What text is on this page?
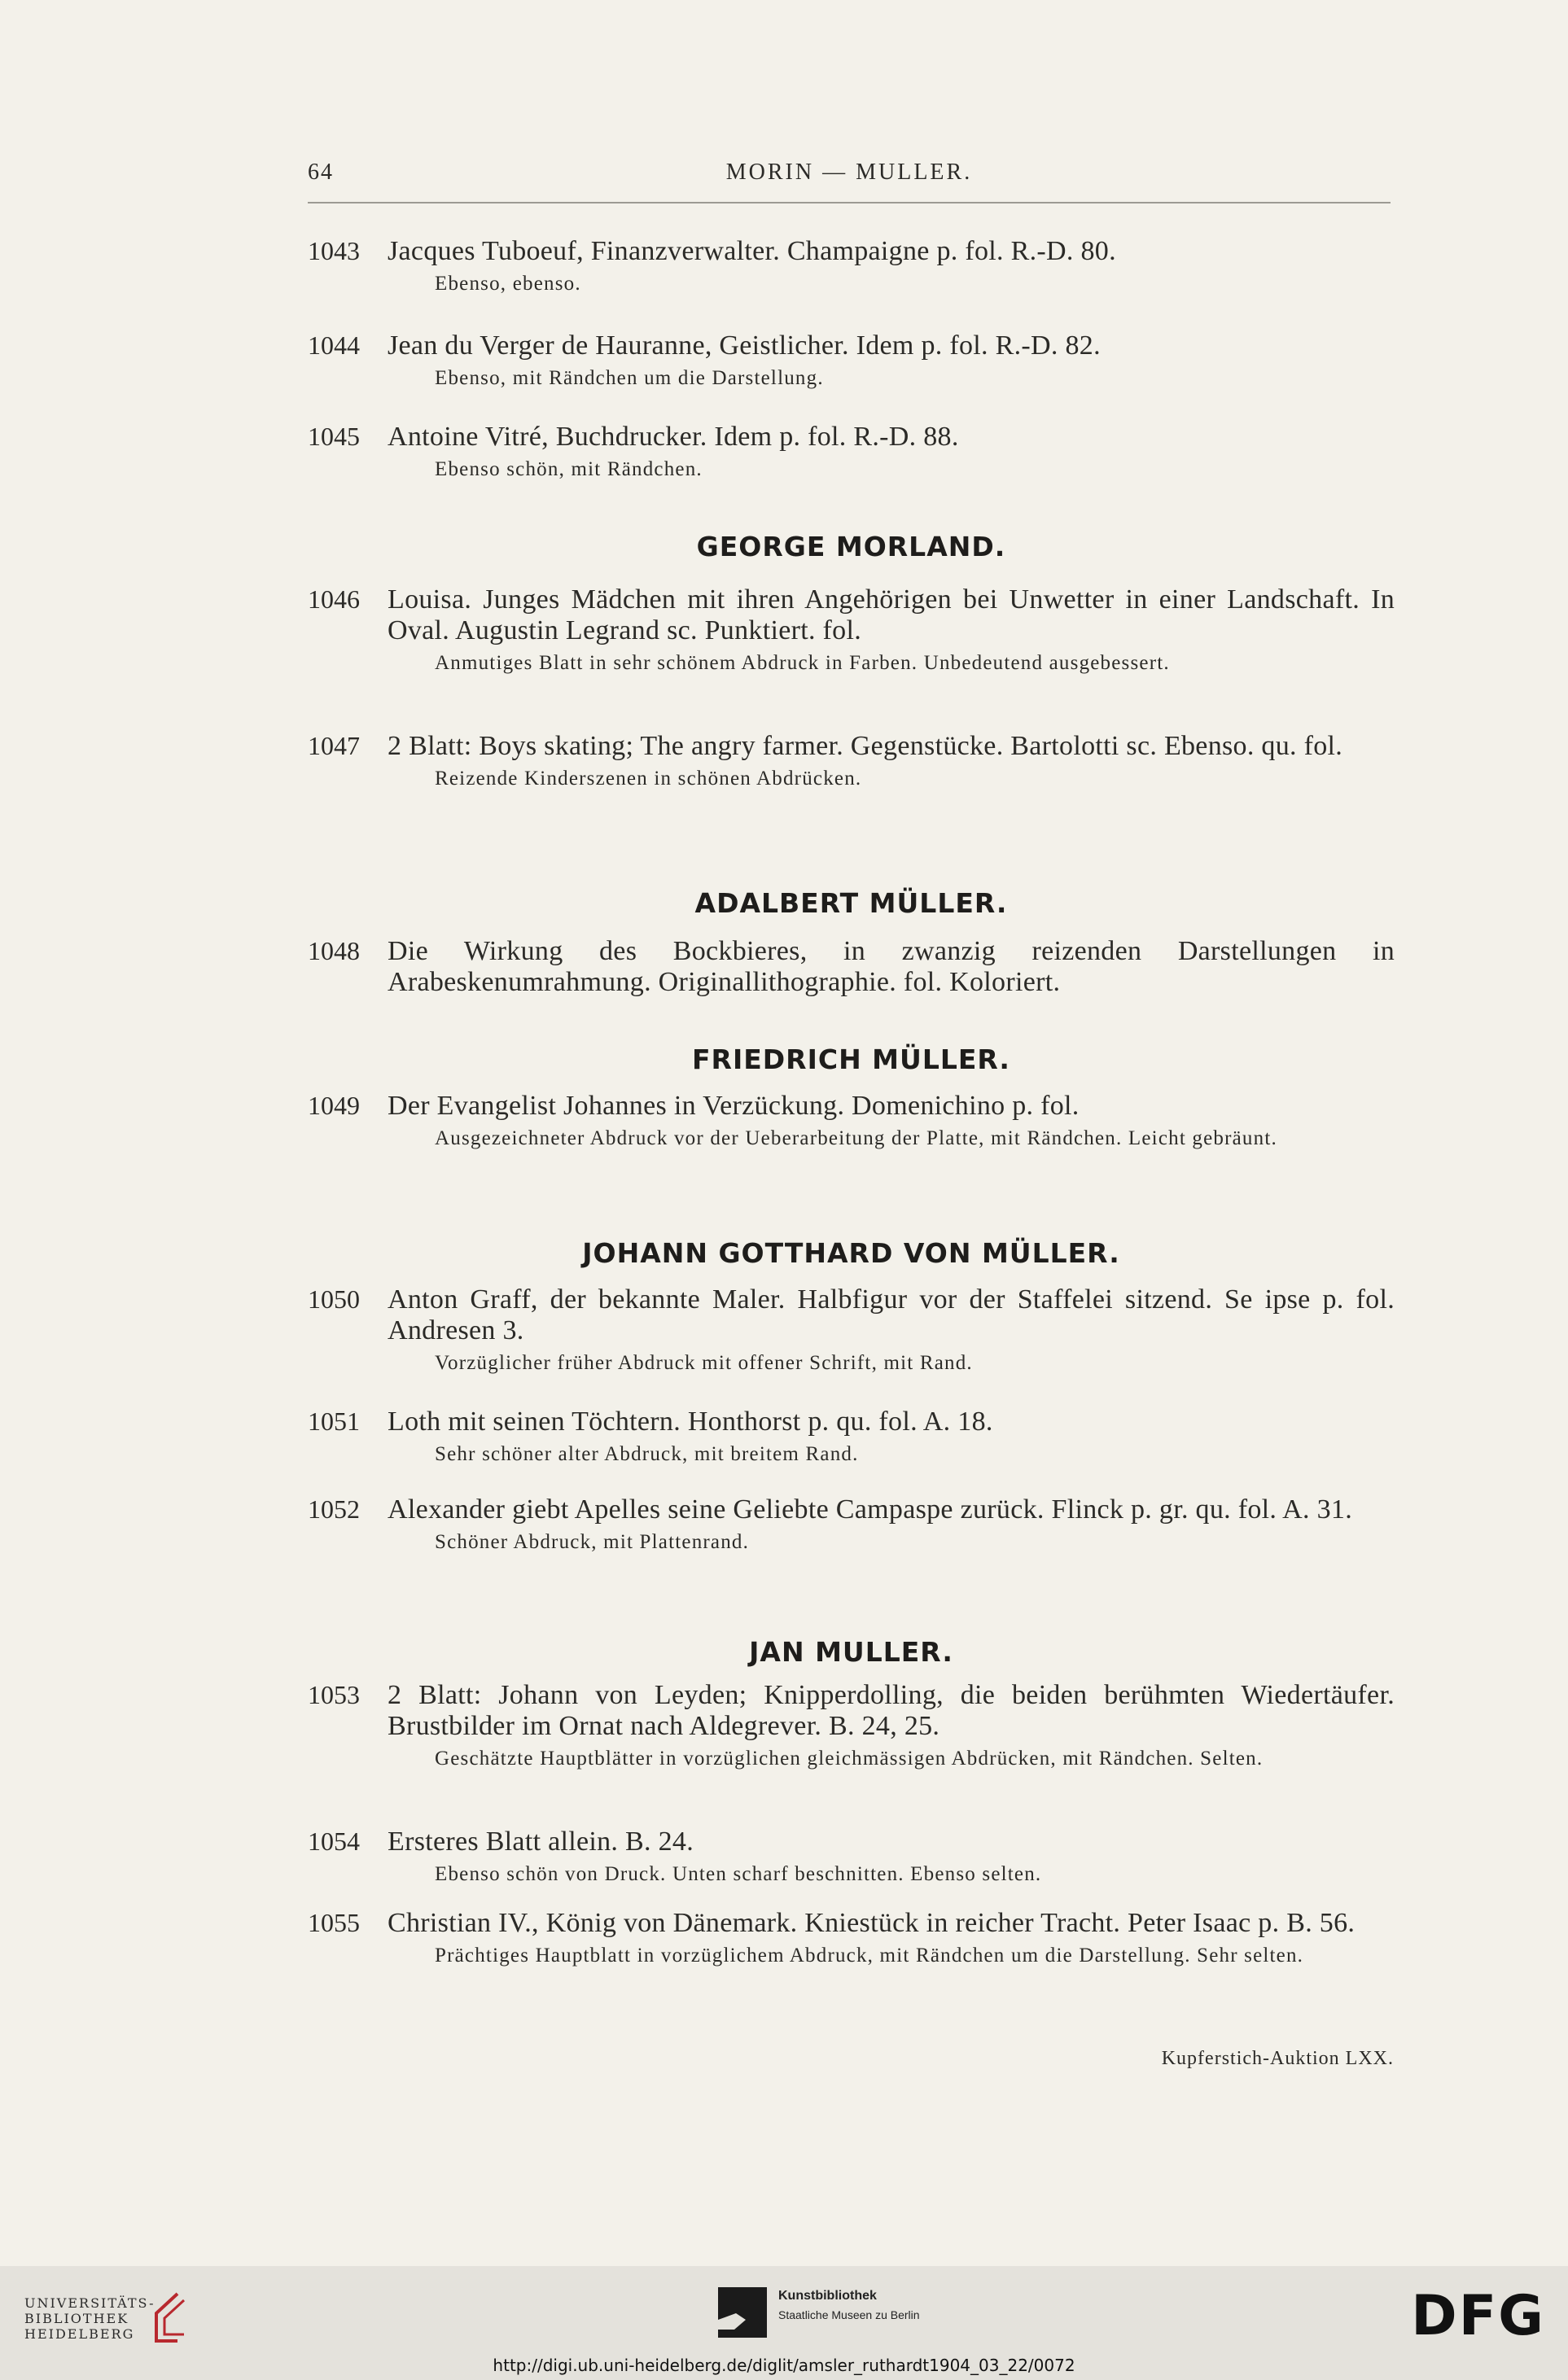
64	MORIN — MULLER.
1043 Jacques Tuboeuf, Finanzverwalter. Champaigne p. fol. R.-D. 80.
Ebenso, ebenso.
1044 Jean du Verger de Hauranne, Geistlicher. Idem p. fol. R.-D. 82.
Ebenso, mit Rändchen um die Darstellung.
1045 Antoine Vitré, Buchdrucker. Idem p. fol. R.-D. 88.
Ebenso schön, mit Rändchen.
GEORGE MORLAND.
1046 Louisa. Junges Mädchen mit ihren Angehörigen bei Unwetter in einer Landschaft. In Oval. Augustin Legrand sc. Punktiert. fol.
Anmutiges Blatt in sehr schönem Abdruck in Farben. Unbedeutend ausgebessert.
1047 2 Blatt: Boys skating; The angry farmer. Gegenstücke. Bartolotti sc. Ebenso. qu. fol.
Reizende Kinderszenen in schönen Abdrücken.
ADALBERT MÜLLER.
1048 Die Wirkung des Bockbieres, in zwanzig reizenden Darstellungen in Arabeskenumrahmung. Originallithographie. fol. Koloriert.
FRIEDRICH MÜLLER.
1049 Der Evangelist Johannes in Verzückung. Domenichino p. fol.
Ausgezeichneter Abdruck vor der Ueberarbeitung der Platte, mit Rändchen. Leicht gebräunt.
JOHANN GOTTHARD VON MÜLLER.
1050 Anton Graff, der bekannte Maler. Halbfigur vor der Staffelei sitzend. Se ipse p. fol. Andresen 3.
Vorzüglicher früher Abdruck mit offener Schrift, mit Rand.
1051 Loth mit seinen Töchtern. Honthorst p. qu. fol. A. 18.
Sehr schöner alter Abdruck, mit breitem Rand.
1052 Alexander giebt Apelles seine Geliebte Campaspe zurück. Flinck p. gr. qu. fol. A. 31.
Schöner Abdruck, mit Plattenrand.
JAN MULLER.
1053 2 Blatt: Johann von Leyden; Knipperdolling, die beiden berühmten Wiedertäufer. Brustbilder im Ornat nach Aldegrever. B. 24, 25.
Geschätzte Hauptblätter in vorzüglichen gleichmässigen Abdrücken, mit Rändchen. Selten.
1054 Ersteres Blatt allein. B. 24.
Ebenso schön von Druck. Unten scharf beschnitten. Ebenso selten.
1055 Christian IV., König von Dänemark. Kniestück in reicher Tracht. Peter Isaac p. B. 56.
Prächtiges Hauptblatt in vorzüglichem Abdruck, mit Rändchen um die Darstellung. Sehr selten.
Kupferstich-Auktion LXX.
UNIVERSITÄTS-
BIBLIOTHEK
HEIDELBERG
Kunstbibliothek
Staatliche Museen zu Berlin	DFG
http://digi.ub.uni-heidelberg.de/diglit/amsler_ruthardt1904_03_22/0072
